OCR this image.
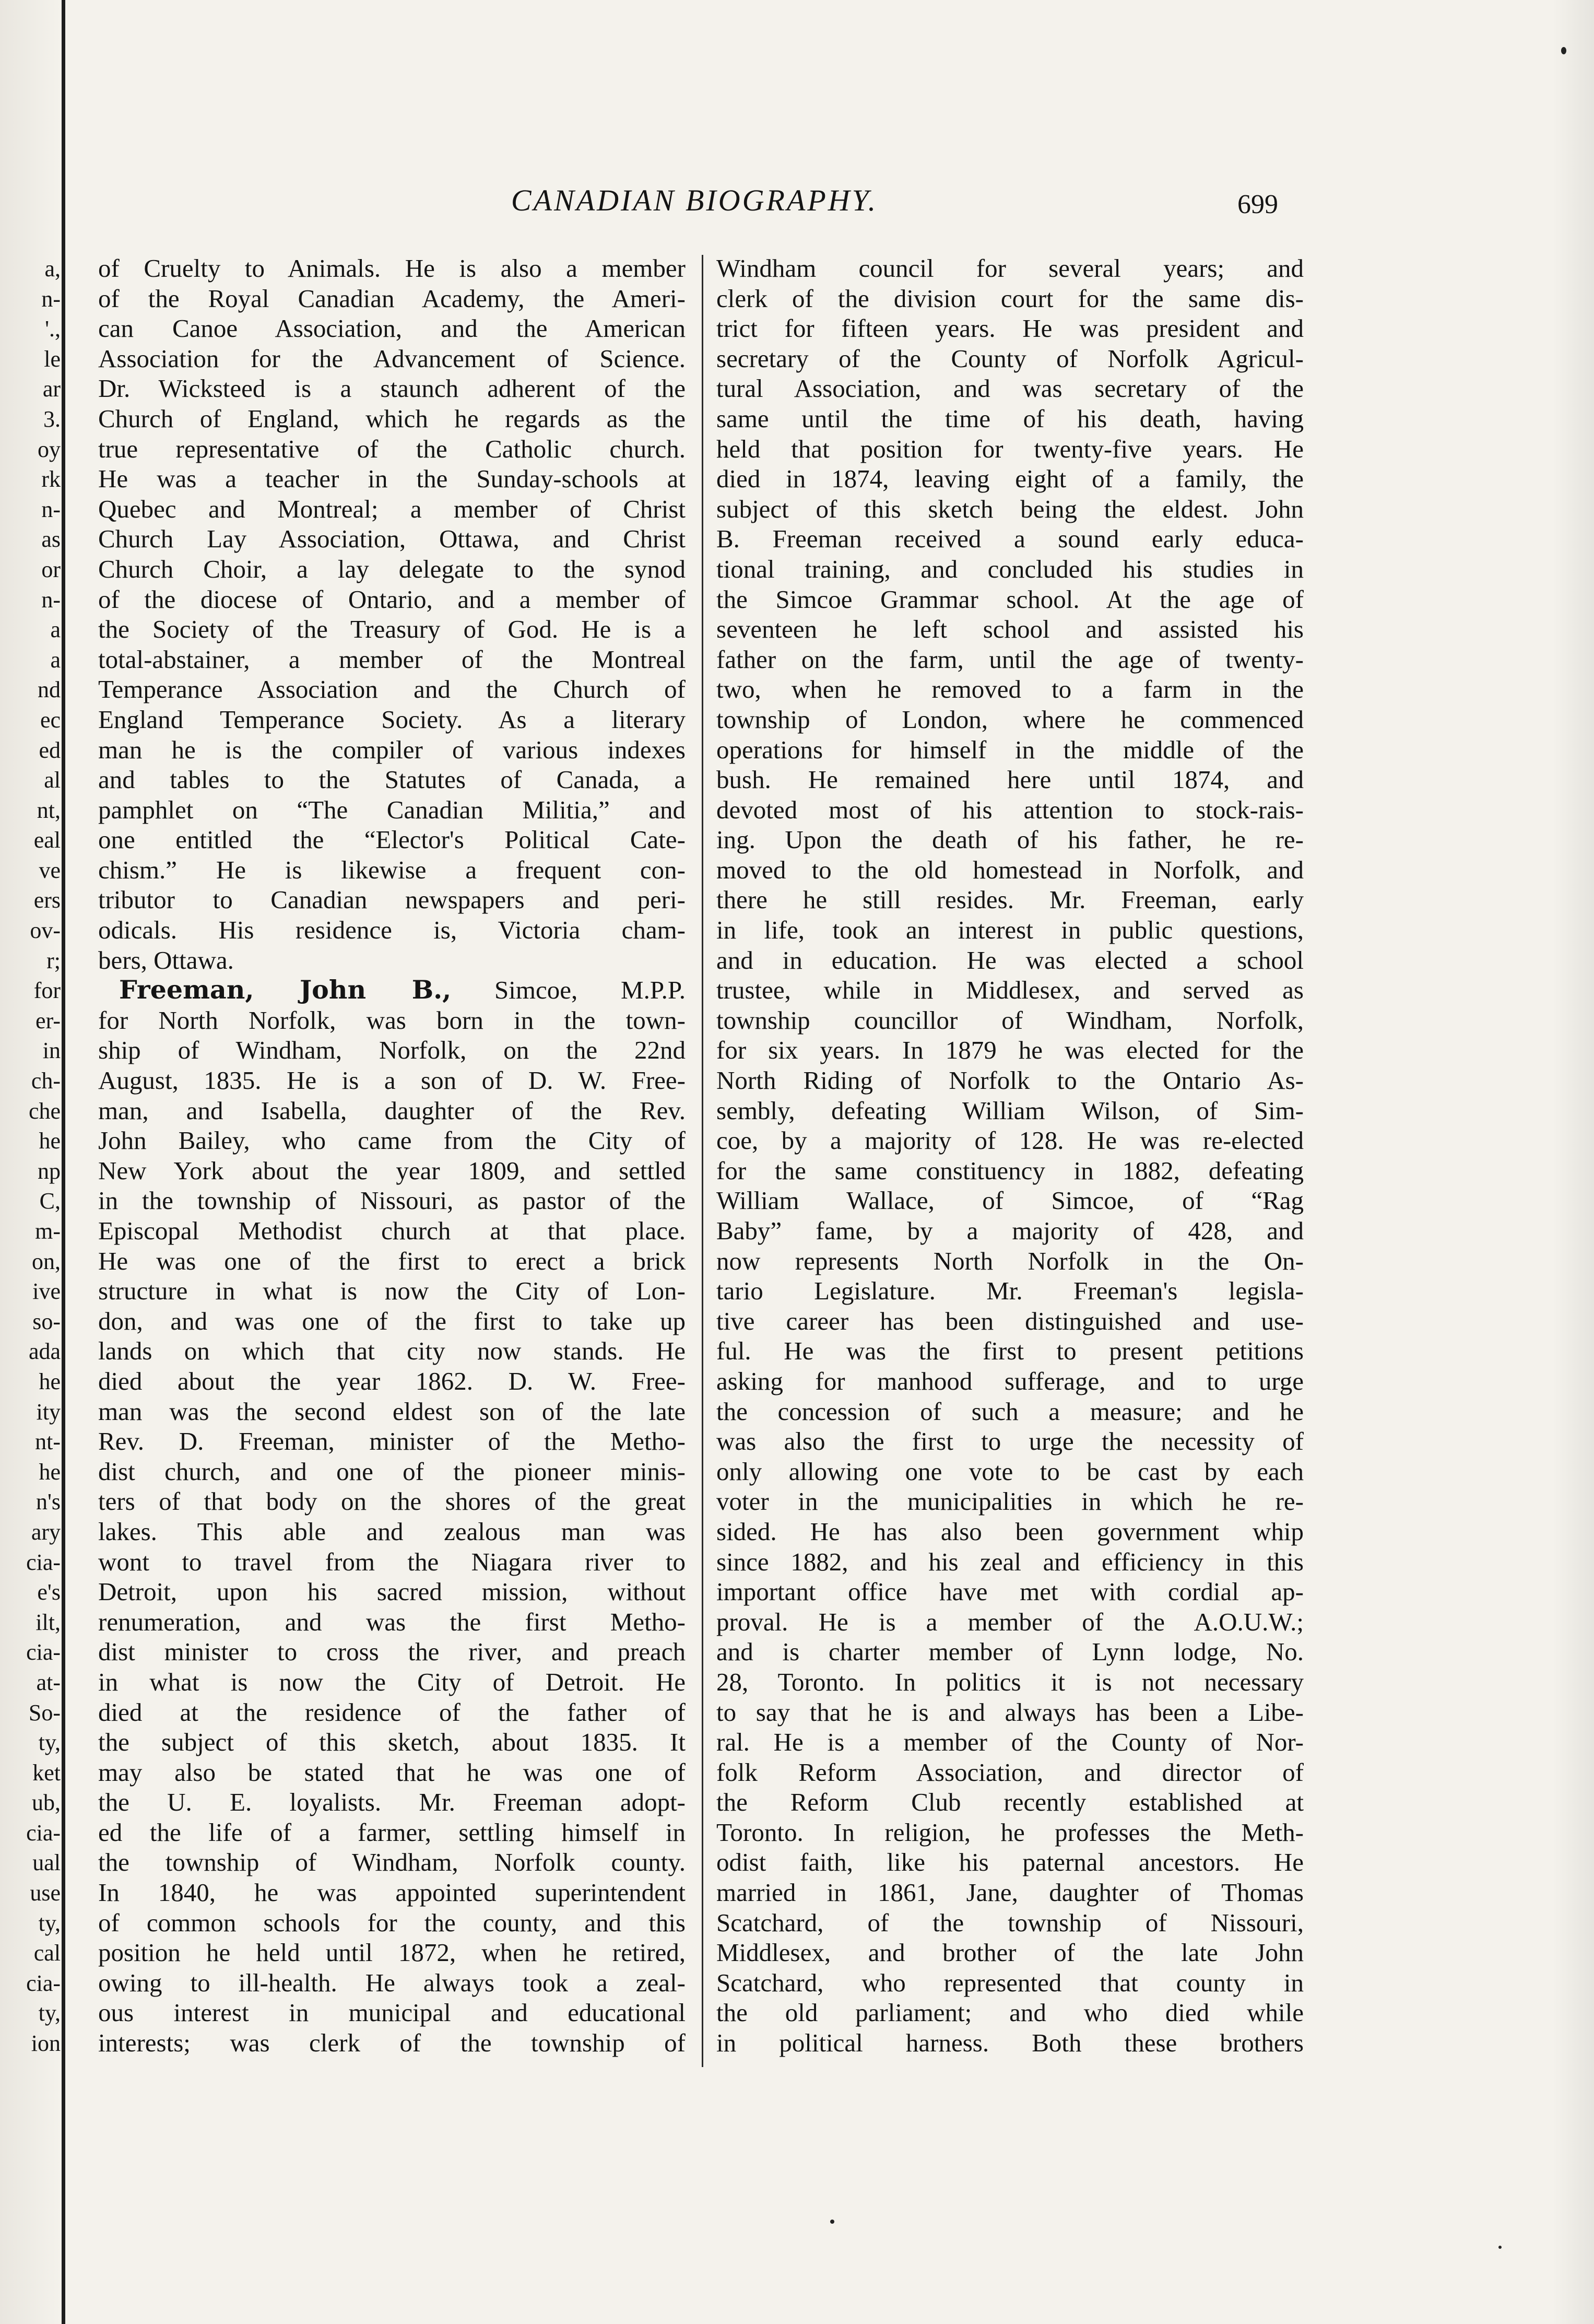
a,
n-
'.,
le
ar
3.
oy
rk
n-
as
or
n-
a
a
nd
ec
ed
al
nt,
eal
ve
ers
ov-
r;
for
er-
in
ch-
che
he
np
C,
m-
on,
ive
so-
ada
he
ity
nt-
he
n's
ary
cia-
e's
ilt,
cia-
at-
So-
ty,
ket
ub,
cia-
ual
use
ty,
cal
cia-
ty,
ion
CANADIAN BIOGRAPHY.	699
of Cruelty to Animals. He is also a member
of the Royal Canadian Academy, the Ameri-
can Canoe Association, and the American
Association for the Advancement of Science.
Dr. Wicksteed is a staunch adherent of the
Church of England, which he regards as the
true representative of the Catholic church.
He was a teacher in the Sunday-schools at
Quebec and Montreal; a member of Christ
Church Lay Association, Ottawa, and Christ
Church Choir, a lay delegate to the synod
of the diocese of Ontario, and a member of
the Society of the Treasury of God. He is a
total-abstainer, a member of the Montreal
Temperance Association and the Church of
England Temperance Society. As a literary
man he is the compiler of various indexes
and tables to the Statutes of Canada, a
pamphlet on “The Canadian Militia,” and
one entitled the “Elector's Political Cate-
chism.” He is likewise a frequent con-
tributor to Canadian newspapers and peri-
odicals. His residence is, Victoria cham-
bers, Ottawa.
Freeman, John B., Simcoe, M.P.P.
for North Norfolk, was born in the town-
ship of Windham, Norfolk, on the 22nd
August, 1835. He is a son of D. W. Free-
man, and Isabella, daughter of the Rev.
John Bailey, who came from the City of
New York about the year 1809, and settled
in the township of Nissouri, as pastor of the
Episcopal Methodist church at that place.
He was one of the first to erect a brick
structure in what is now the City of Lon-
don, and was one of the first to take up
lands on which that city now stands. He
died about the year 1862. D. W. Free-
man was the second eldest son of the late
Rev. D. Freeman, minister of the Metho-
dist church, and one of the pioneer minis-
ters of that body on the shores of the great
lakes. This able and zealous man was
wont to travel from the Niagara river to
Detroit, upon his sacred mission, without
renumeration, and was the first Metho-
dist minister to cross the river, and preach
in what is now the City of Detroit. He
died at the residence of the father of
the subject of this sketch, about 1835. It
may also be stated that he was one of
the U. E. loyalists. Mr. Freeman adopt-
ed the life of a farmer, settling himself in
the township of Windham, Norfolk county.
In 1840, he was appointed superintendent
of common schools for the county, and this
position he held until 1872, when he retired,
owing to ill-health. He always took a zeal-
ous interest in municipal and educational
interests; was clerk of the township of
Windham council for several years; and
clerk of the division court for the same dis-
trict for fifteen years. He was president and
secretary of the County of Norfolk Agricul-
tural Association, and was secretary of the
same until the time of his death, having
held that position for twenty-five years. He
died in 1874, leaving eight of a family, the
subject of this sketch being the eldest. John
B. Freeman received a sound early educa-
tional training, and concluded his studies in
the Simcoe Grammar school. At the age of
seventeen he left school and assisted his
father on the farm, until the age of twenty-
two, when he removed to a farm in the
township of London, where he commenced
operations for himself in the middle of the
bush. He remained here until 1874, and
devoted most of his attention to stock-rais-
ing. Upon the death of his father, he re-
moved to the old homestead in Norfolk, and
there he still resides. Mr. Freeman, early
in life, took an interest in public questions,
and in education. He was elected a school
trustee, while in Middlesex, and served as
township councillor of Windham, Norfolk,
for six years. In 1879 he was elected for the
North Riding of Norfolk to the Ontario As-
sembly, defeating William Wilson, of Sim-
coe, by a majority of 128. He was re-elected
for the same constituency in 1882, defeating
William Wallace, of Simcoe, of “Rag
Baby” fame, by a majority of 428, and
now represents North Norfolk in the On-
tario Legislature. Mr. Freeman's legisla-
tive career has been distinguished and use-
ful. He was the first to present petitions
asking for manhood sufferage, and to urge
the concession of such a measure; and he
was also the first to urge the necessity of
only allowing one vote to be cast by each
voter in the municipalities in which he re-
sided. He has also been government whip
since 1882, and his zeal and efficiency in this
important office have met with cordial ap-
proval. He is a member of the A.O.U.W.;
and is charter member of Lynn lodge, No.
28, Toronto. In politics it is not necessary
to say that he is and always has been a Libe-
ral. He is a member of the County of Nor-
folk Reform Association, and director of
the Reform Club recently established at
Toronto. In religion, he professes the Meth-
odist faith, like his paternal ancestors. He
married in 1861, Jane, daughter of Thomas
Scatchard, of the township of Nissouri,
Middlesex, and brother of the late John
Scatchard, who represented that county in
the old parliament; and who died while
in political harness. Both these brothers
